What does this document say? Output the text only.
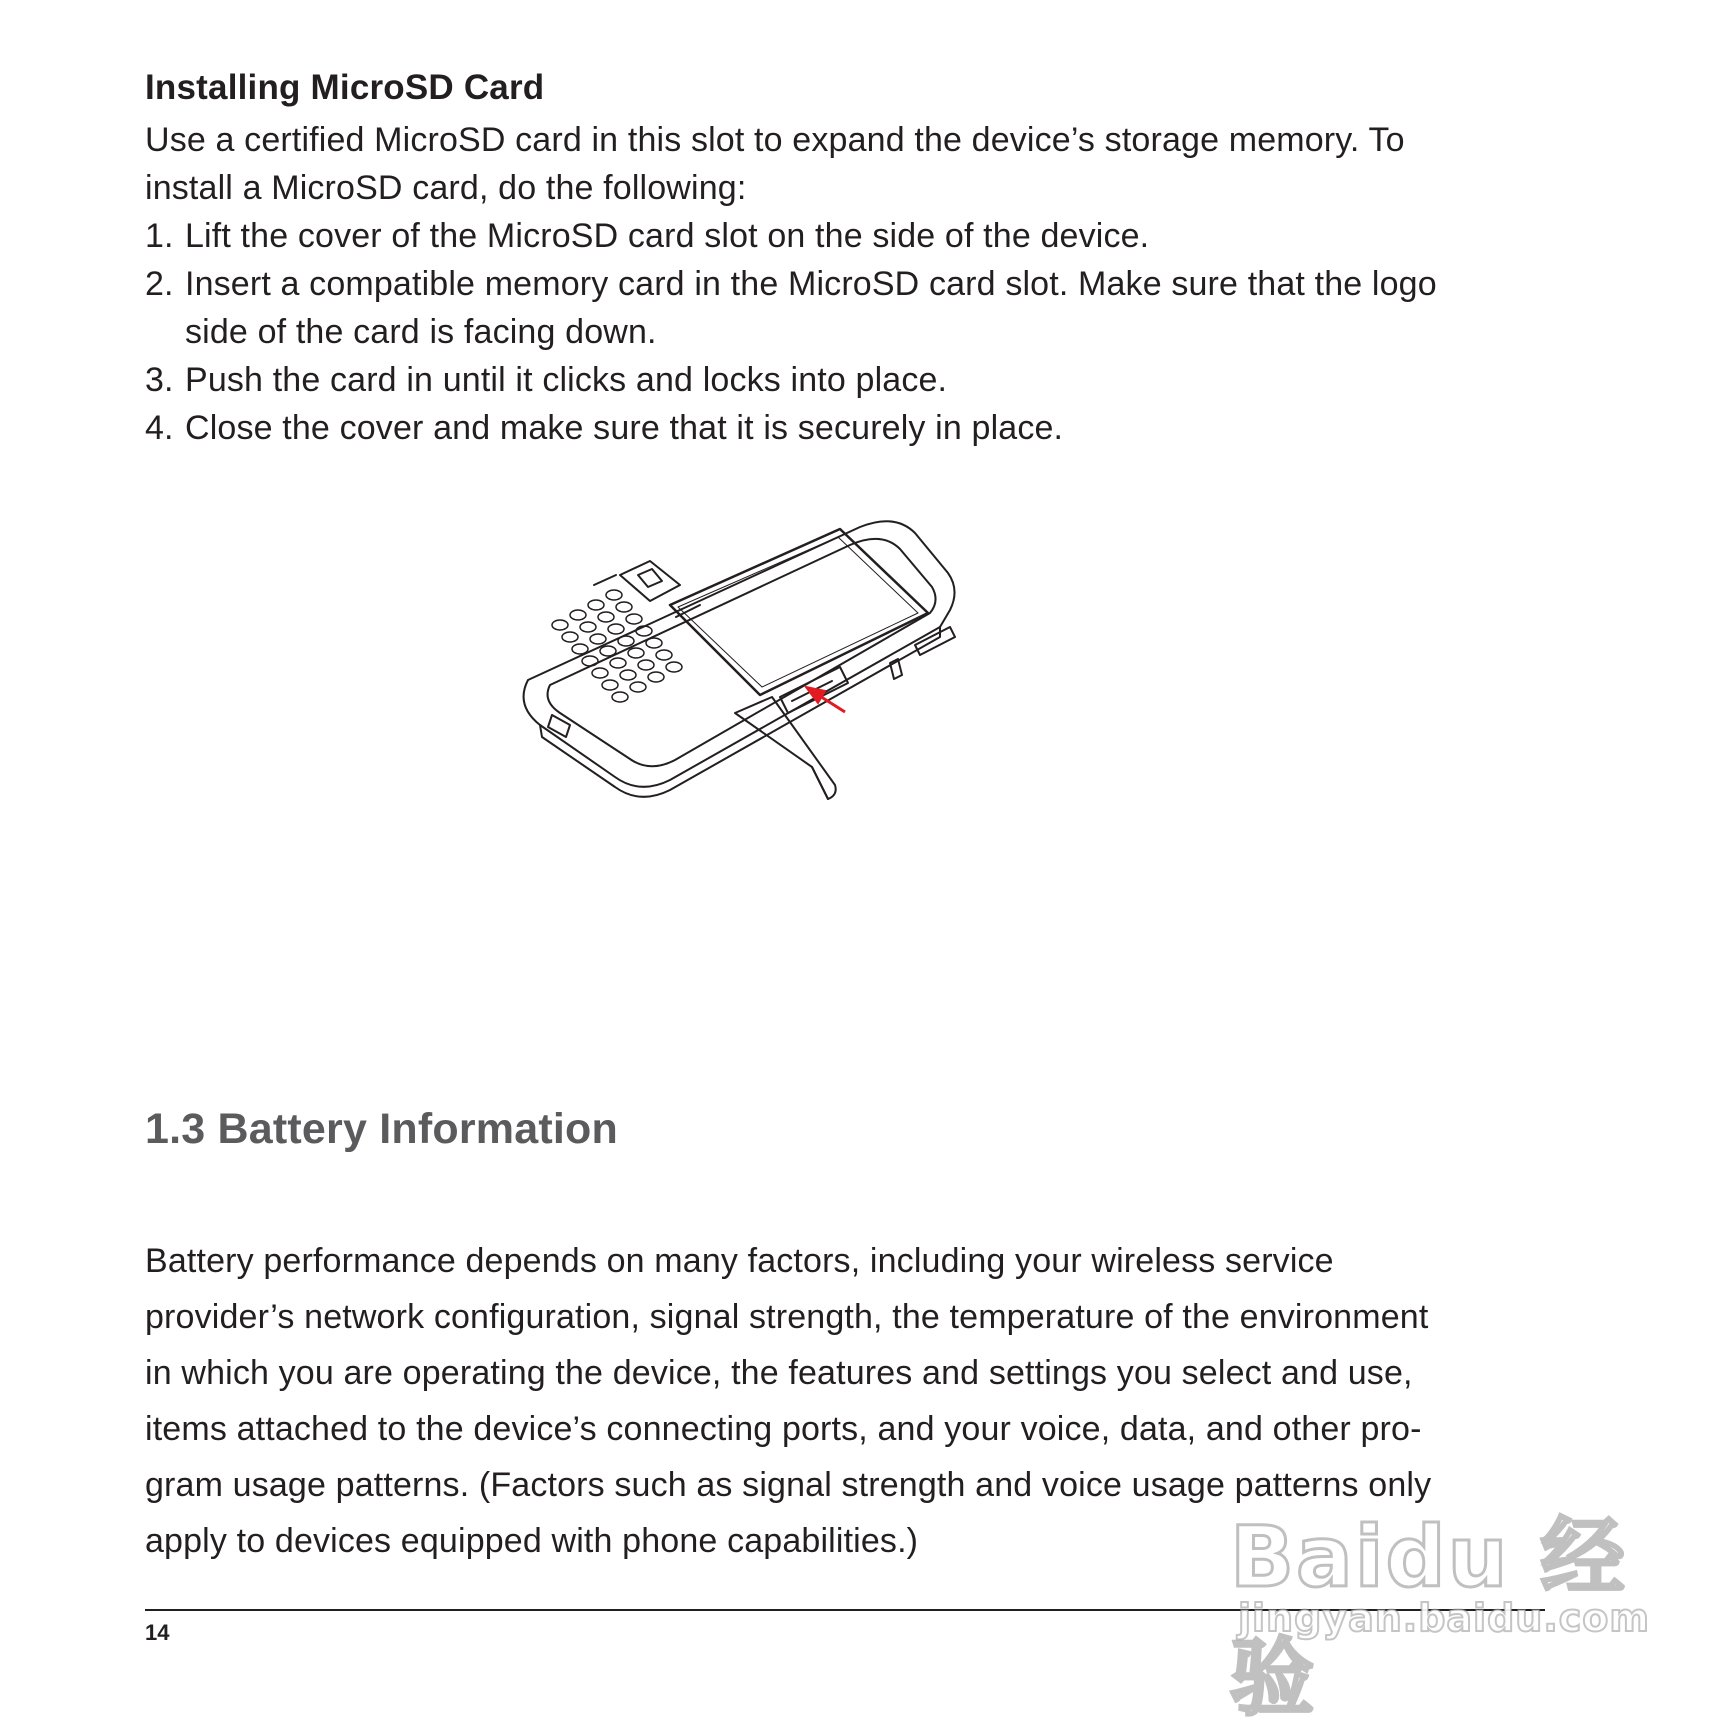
Installing MicroSD Card

Use a certified MicroSD card in this slot to expand the device’s storage memory. To
install a MicroSD card, do the following:

1. Lift the cover of the MicroSD card slot on the side of the device.
2. Insert a compatible memory card in the MicroSD card slot. Make sure that the logo
side of the card is facing down.
3. Push the card in until it clicks and locks into place.
4. Close the cover and make sure that it is securely in place.
1.3 Battery Information

Battery performance depends on many factors, including your wireless service
provider’s network configuration, signal strength, the temperature of the environment
in which you are operating the device, the features and settings you select and use,
items attached to the device’s connecting ports, and your voice, data, and other pro-
gram usage patterns. (Factors such as signal strength and voice usage patterns only
apply to devices equipped with phone capabilities.)

14

Baidu 经验
jingyan.baidu.com
